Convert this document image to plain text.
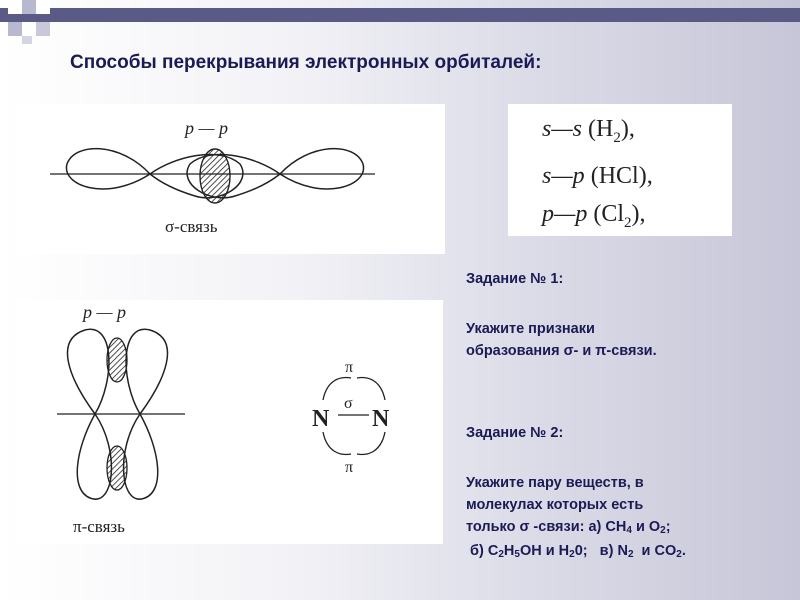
Способы перекрывания электронных орбиталей:
p — p
σ-связь
s—s $(H_2)$,
s—p (HCl),
p—p $(Cl_2)$,
p — p
π-связь
N N
σ
π
π
Задание № 1:
Укажите признаки
образования σ- и π-связи.
Задание № 2:
Укажите пару веществ, в
молекулах которых есть
только σ -связи: а) $CH_4$ и $O_2$;
б) $C_2H_5OH$ и $H_20$;   в) $N_2$  и $CO_2$.
